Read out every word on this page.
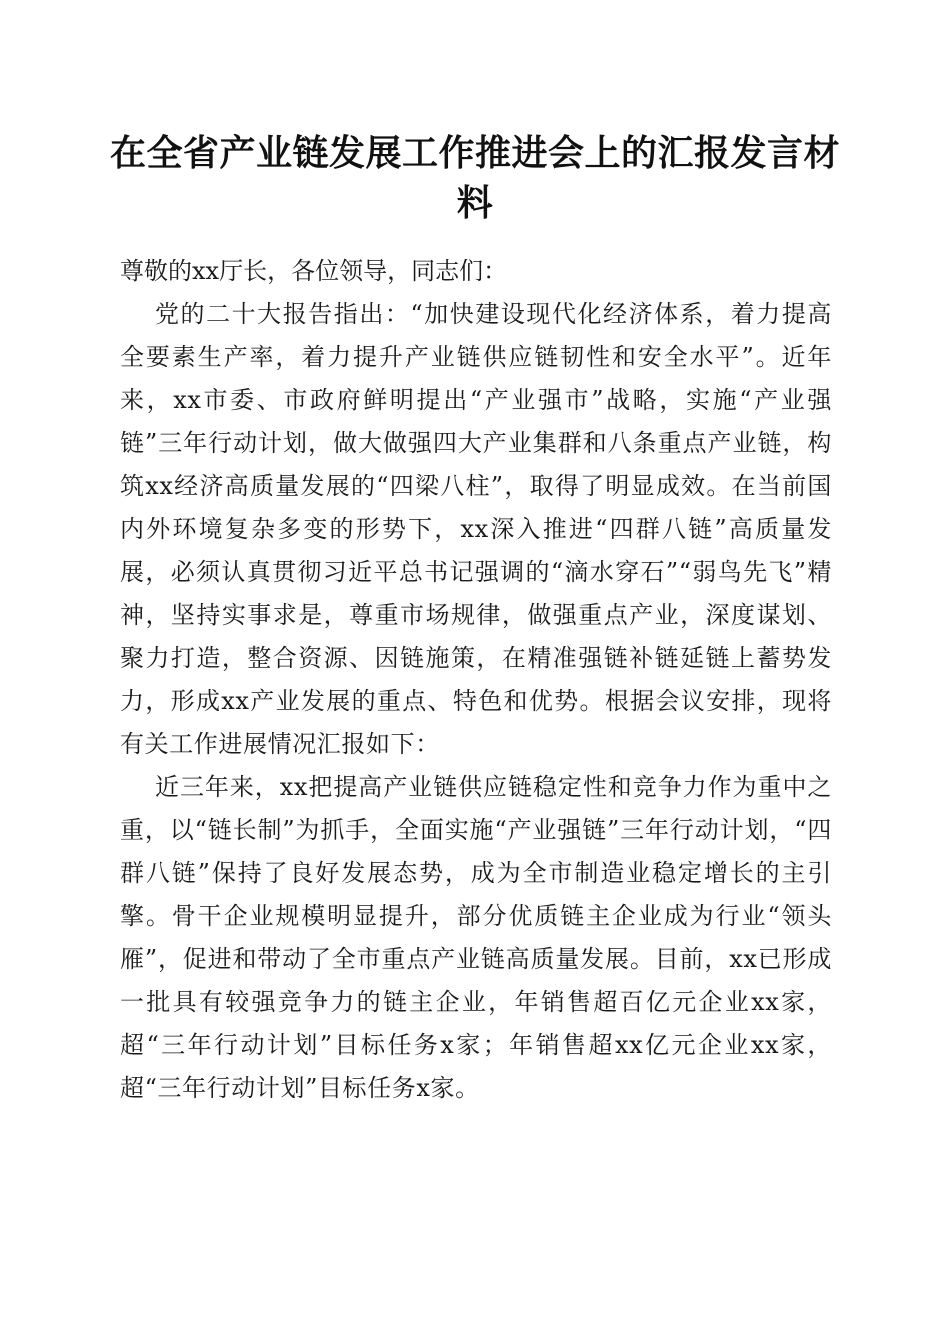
在全省产业链发展工作推进会上的汇报发言材料

尊敬的xx厅长，各位领导，同志们：

党的二十大报告指出：“加快建设现代化经济体系，着力提高全要素生产率，着力提升产业链供应链韧性和安全水平”。近年来，xx市委、市政府鲜明提出“产业强市”战略，实施“产业强链”三年行动计划，做大做强四大产业集群和八条重点产业链，构筑xx经济高质量发展的“四梁八柱”，取得了明显成效。在当前国内外环境复杂多变的形势下，xx深入推进“四群八链”高质量发展，必须认真贯彻习近平总书记强调的“滴水穿石”“弱鸟先飞”精神，坚持实事求是，尊重市场规律，做强重点产业，深度谋划、聚力打造，整合资源、因链施策，在精准强链补链延链上蓄势发力，形成xx产业发展的重点、特色和优势。根据会议安排，现将有关工作进展情况汇报如下：

近三年来，xx把提高产业链供应链稳定性和竞争力作为重中之重，以“链长制”为抓手，全面实施“产业强链”三年行动计划，“四群八链”保持了良好发展态势，成为全市制造业稳定增长的主引擎。骨干企业规模明显提升，部分优质链主企业成为行业“领头雁”，促进和带动了全市重点产业链高质量发展。目前，xx已形成一批具有较强竞争力的链主企业，年销售超百亿元企业xx家，超“三年行动计划”目标任务x家；年销售超xx亿元企业xx家，超“三年行动计划”目标任务x家。
